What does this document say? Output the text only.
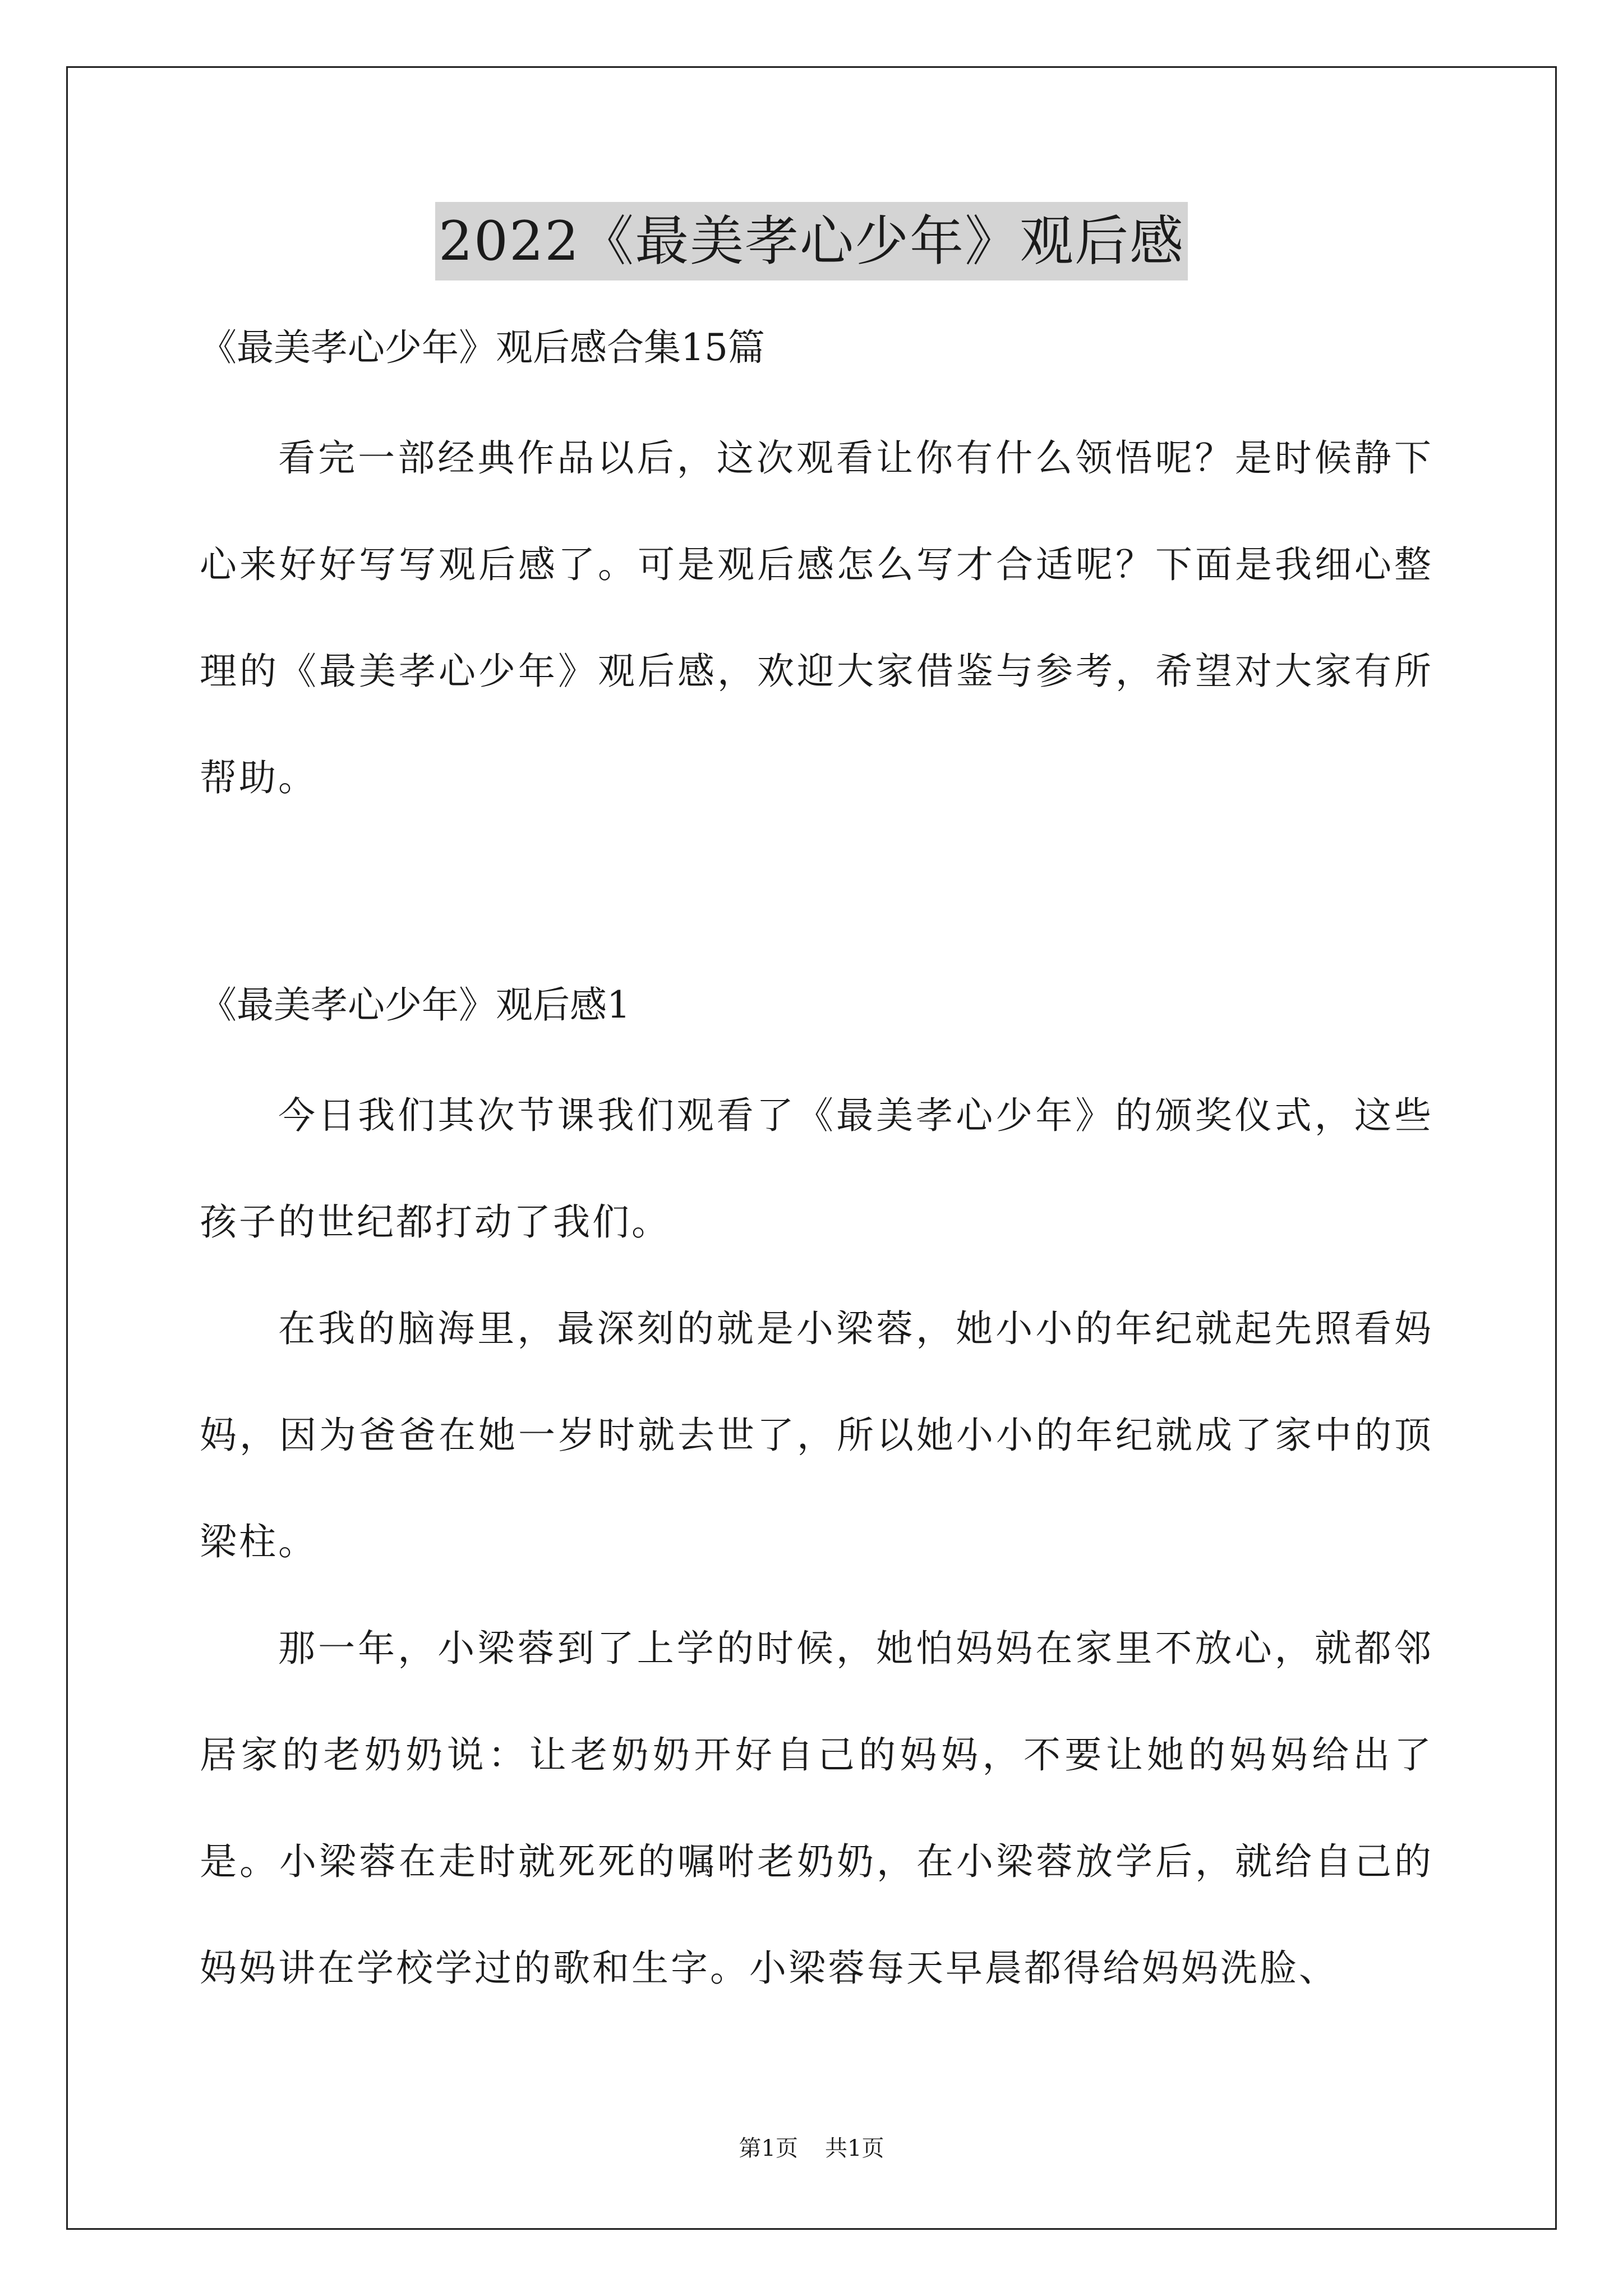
2022《最美孝心少年》观后感

《最美孝心少年》观后感合集15篇

看完一部经典作品以后，这次观看让你有什么领悟呢？是时候静下心来好好写写观后感了。可是观后感怎么写才合适呢？下面是我细心整理的《最美孝心少年》观后感，欢迎大家借鉴与参考，希望对大家有所帮助。

《最美孝心少年》观后感1

今日我们其次节课我们观看了《最美孝心少年》的颁奖仪式，这些孩子的世纪都打动了我们。

在我的脑海里，最深刻的就是小梁蓉，她小小的年纪就起先照看妈妈，因为爸爸在她一岁时就去世了，所以她小小的年纪就成了家中的顶梁柱。

那一年，小梁蓉到了上学的时候，她怕妈妈在家里不放心，就都邻居家的老奶奶说：让老奶奶开好自己的妈妈，不要让她的妈妈给出了是。小梁蓉在走时就死死的嘱咐老奶奶，在小梁蓉放学后，就给自己的妈妈讲在学校学过的歌和生字。小梁蓉每天早晨都得给妈妈洗脸、

第1页 共1页
